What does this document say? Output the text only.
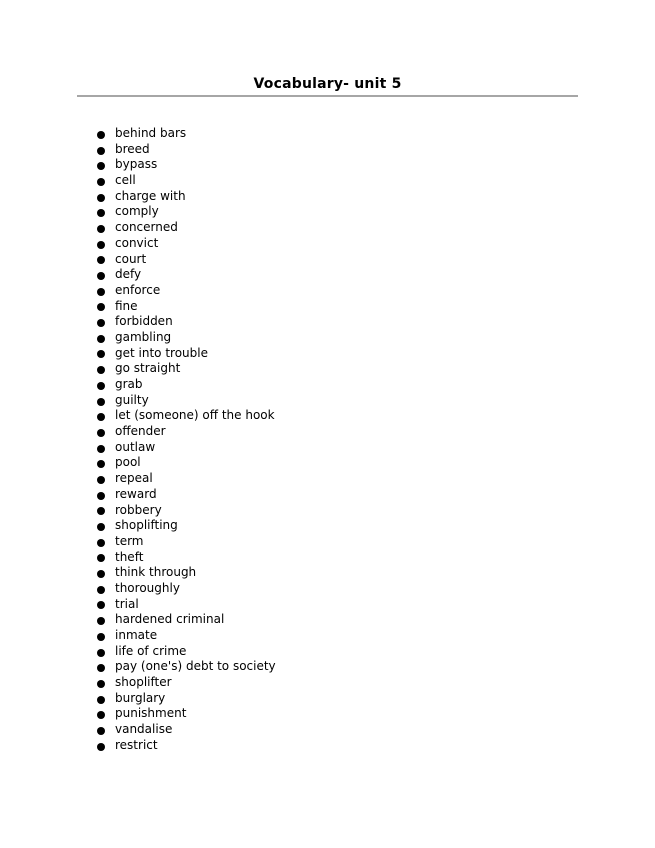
Vocabulary- unit 5
behind bars
breed
bypass
cell
charge with
comply
concerned
convict
court
defy
enforce
fine
forbidden
gambling
get into trouble
go straight
grab
guilty
let (someone) off the hook
offender
outlaw
pool
repeal
reward
robbery
shoplifting
term
theft
think through
thoroughly
trial
hardened criminal
inmate
life of crime
pay (one's) debt to society
shoplifter
burglary
punishment
vandalise
restrict
